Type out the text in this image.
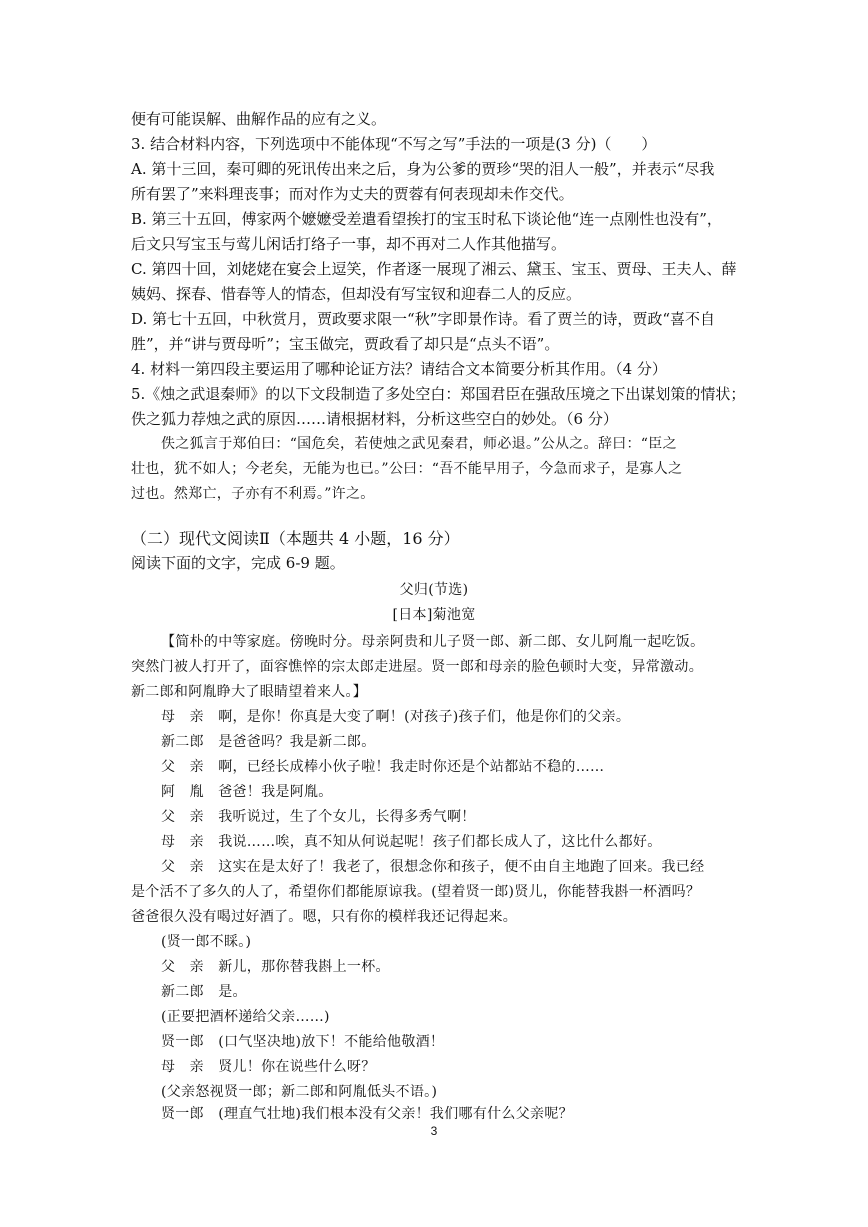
便有可能误解、曲解作品的应有之义。
3. 结合材料内容，下列选项中不能体现“不写之写”手法的一项是(3 分)（　　）
A. 第十三回，秦可卿的死讯传出来之后，身为公爹的贾珍“哭的泪人一般”，并表示“尽我
所有罢了”来料理丧事；而对作为丈夫的贾蓉有何表现却未作交代。
B. 第三十五回，傅家两个嬷嬷受差遣看望挨打的宝玉时私下谈论他“连一点刚性也没有”，
后文只写宝玉与莺儿闲话打络子一事，却不再对二人作其他描写。
C. 第四十回，刘姥姥在宴会上逗笑，作者逐一展现了湘云、黛玉、宝玉、贾母、王夫人、薛
姨妈、探春、惜春等人的情态，但却没有写宝钗和迎春二人的反应。
D. 第七十五回，中秋赏月，贾政要求限一“秋”字即景作诗。看了贾兰的诗，贾政“喜不自
胜”，并“讲与贾母听”；宝玉做完，贾政看了却只是“点头不语”。
4. 材料一第四段主要运用了哪种论证方法？请结合文本简要分析其作用。（4 分）
5.《烛之武退秦师》的以下文段制造了多处空白：郑国君臣在强敌压境之下出谋划策的情状；
佚之狐力荐烛之武的原因……请根据材料，分析这些空白的妙处。（6 分）
佚之狐言于郑伯曰：“国危矣，若使烛之武见秦君，师必退。”公从之。辞曰：“臣之
壮也，犹不如人；今老矣，无能为也已。”公曰：“吾不能早用子，今急而求子，是寡人之
过也。然郑亡，子亦有不利焉。”许之。
（二）现代文阅读Ⅱ（本题共 4 小题，16 分）
阅读下面的文字，完成 6-9 题。
父归(节选)
[日本]菊池宽
【简朴的中等家庭。傍晚时分。母亲阿贵和儿子贤一郎、新二郎、女儿阿胤一起吃饭。
突然门被人打开了，面容憔悴的宗太郎走进屋。贤一郎和母亲的脸色顿时大变，异常激动。
新二郎和阿胤睁大了眼睛望着来人。】
母　亲　啊，是你！你真是大变了啊！(对孩子)孩子们，他是你们的父亲。
新二郎　是爸爸吗？我是新二郎。
父　亲　啊，已经长成棒小伙子啦！我走时你还是个站都站不稳的……
阿　胤　爸爸！我是阿胤。
父　亲　我听说过，生了个女儿，长得多秀气啊！
母　亲　我说……唉，真不知从何说起呢！孩子们都长成人了，这比什么都好。
父　亲　这实在是太好了！我老了，很想念你和孩子，便不由自主地跑了回来。我已经
是个活不了多久的人了，希望你们都能原谅我。(望着贤一郎)贤儿，你能替我斟一杯酒吗？
爸爸很久没有喝过好酒了。嗯，只有你的模样我还记得起来。
(贤一郎不睬。)
父　亲　新儿，那你替我斟上一杯。
新二郎　是。
(正要把酒杯递给父亲……)
贤一郎　(口气坚决地)放下！不能给他敬酒！
母　亲　贤儿！你在说些什么呀？
(父亲怒视贤一郎；新二郎和阿胤低头不语。)
贤一郎　(理直气壮地)我们根本没有父亲！我们哪有什么父亲呢？
3
